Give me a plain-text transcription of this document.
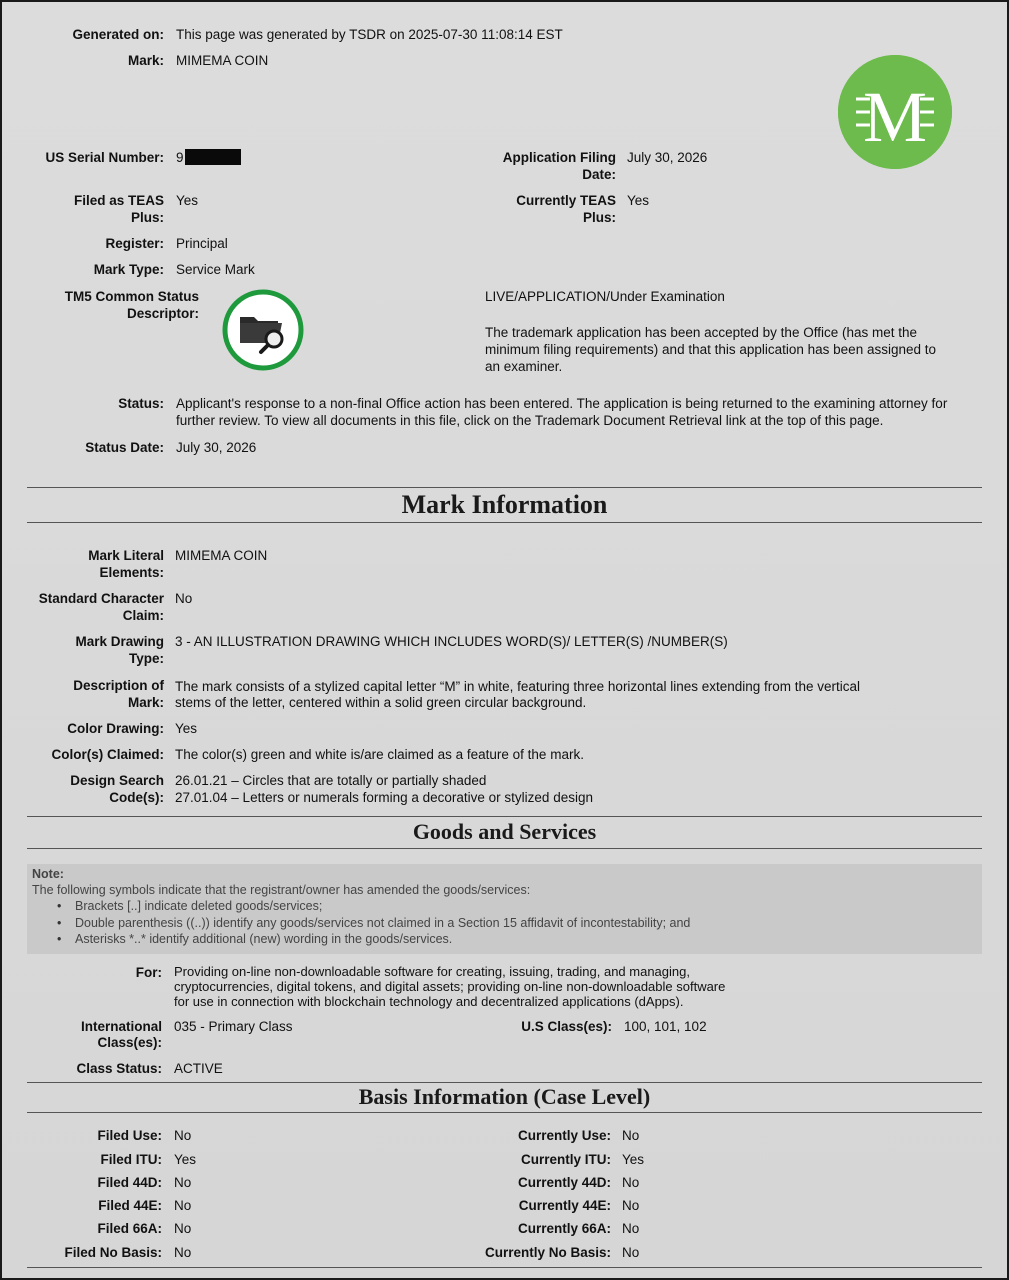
Generated on: This page was generated by TSDR on 2025-07-30 11:08:14 EST
Mark: MIMEMA COIN
M
US Serial Number: 9	Application Filing
Date:
July 30, 2026
Filed as TEAS
Plus:
Yes	Currently TEAS
Plus:
Yes
Register: Principal
Mark Type: Service Mark
TM5 Common Status
Descriptor:
LIVE/APPLICATION/Under Examination
The trademark application has been accepted by the Office (has met the
minimum filing requirements) and that this application has been assigned to
an examiner.
Status: Applicant's response to a non-final Office action has been entered. The application is being returned to the examining attorney for
further review. To view all documents in this file, click on the Trademark Document Retrieval link at the top of this page.
Status Date: July 30, 2026
Mark Information
Mark Literal
Elements:
MIMEMA COIN
Standard Character
Claim:
No
Mark Drawing
Type:
3 - AN ILLUSTRATION DRAWING WHICH INCLUDES WORD(S)/ LETTER(S) /NUMBER(S)
Description of
Mark:
The mark consists of a stylized capital letter “M” in white, featuring three horizontal lines extending from the vertical
stems of the letter, centered within a solid green circular background.
Color Drawing: Yes
Color(s) Claimed: The color(s) green and white is/are claimed as a feature of the mark.
Design Search
Code(s):
26.01.21 – Circles that are totally or partially shaded
27.01.04 – Letters or numerals forming a decorative or stylized design
Goods and Services
Note:
The following symbols indicate that the registrant/owner has amended the goods/services:
• Brackets [..] indicate deleted goods/services;
• Double parenthesis ((..)) identify any goods/services not claimed in a Section 15 affidavit of incontestability; and
• Asterisks *..* identify additional (new) wording in the goods/services.
For: Providing on-line non-downloadable software for creating, issuing, trading, and managing,
cryptocurrencies, digital tokens, and digital assets; providing on-line non-downloadable software
for use in connection with blockchain technology and decentralized applications (dApps).
International
Class(es):
035 - Primary Class	U.S Class(es): 100, 101, 102
Class Status: ACTIVE
Basis Information (Case Level)
Filed Use: No
Filed ITU: Yes
Filed 44D: No
Filed 44E: No
Filed 66A: No
Filed No Basis: No
Currently Use: No
Currently ITU: Yes
Currently 44D: No
Currently 44E: No
Currently 66A: No
Currently No Basis: No
